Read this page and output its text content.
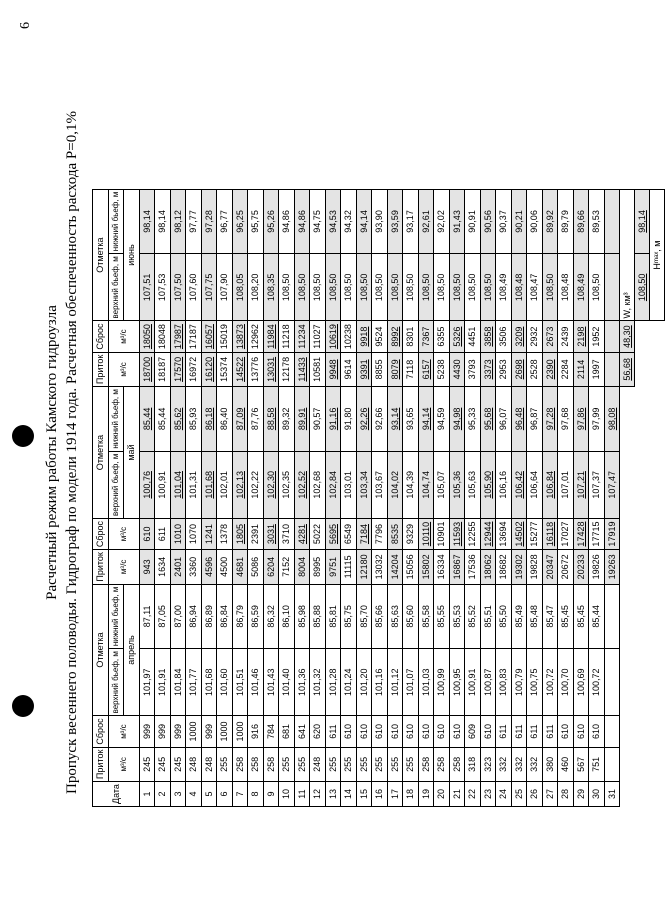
6
Расчетный режим работы Камского гидроузла Пропуск весеннего половодья. Гидрограф по модели 1914 года. Расчетная обеспеченность расхода Р=0,1%
Дата	Приток	Сброс	Отметка		Приток	Сброс	Отметка		Приток	Сброс	Отметка	
	м³/с	м³/с	верхний бьеф, м	нижний бьеф, м	м³/с	м³/с	верхний бьеф, м	нижний бьеф, м	м³/с	м³/с	верхний бьеф, м	нижний бьеф, м
			апрель				май				июнь	
1	245	999	101,97	87,11	943	610	100,76	85,44	18700	18050	107,51	98,14
2	245	999	101,91	87,05	1634	611	100,91	85,44	18187	18048	107,53	98,14
3	245	999	101,84	87,00	2401	1010	101,04	85,62	17570	17987	107,50	98,12
4	248	1000	101,77	86,94	3360	1070	101,31	85,93	16972	17187	107,60	97,77
5	248	999	101,68	86,89	4596	1241	101,68	86,18	16120	16057	107,75	97,28
6	255	1000	101,60	86,84	4500	1378	102,01	86,40	15374	15019	107,90	96,77
7	258	1000	101,51	86,79	4681	1805	102,13	87,09	14522	13873	108,05	96,25
8	258	916	101,46	86,59	5086	2391	102,22	87,76	13776	12962	108,20	95,75
9	258	784	101,43	86,32	6204	3031	102,30	88,58	13031	11984	108,35	95,26
10	255	681	101,40	86,10	7152	3710	102,35	89,32	12178	11218	108,50	94,86
11	255	641	101,36	85,98	8004	4281	102,52	89,91	11433	11234	108,50	94,86
12	248	620	101,32	85,88	8995	5022	102,68	90,57	10581	11027	108,50	94,75
13	255	611	101,28	85,81	9751	5695	102,84	91,16	9948	10619	108,50	94,53
14	255	610	101,24	85,75	11115	6549	103,01	91,80	9614	10238	108,50	94,32
15	255	610	101,20	85,70	12180	7184	103,34	92,26	9391	9918	108,50	94,14
16	255	610	101,16	85,66	13032	7796	103,67	92,66	8855	9524	108,50	93,90
17	255	610	101,12	85,63	14204	8535	104,02	93,14	8079	8992	108,50	93,59
18	255	610	101,07	85,60	15056	9329	104,39	93,65	7118	8301	108,50	93,17
19	258	610	101,03	85,58	15802	10110	104,74	94,14	6157	7367	108,50	92,61
20	258	610	100,99	85,55	16334	10901	105,07	94,59	5238	6355	108,50	92,02
21	258	610	100,95	85,53	16867	11593	105,36	94,98	4430	5326	108,50	91,43
22	318	609	100,91	85,52	17536	12255	105,63	95,33	3793	4451	108,50	90,91
23	323	610	100,87	85,51	18062	12944	105,90	95,68	3373	3858	108,50	90,56
24	332	611	100,83	85,50	18682	13694	106,16	96,07	2953	3506	108,49	90,37
25	332	611	100,79	85,49	19302	14502	106,42	96,48	2698	3209	108,48	90,21
26	332	611	100,75	85,48	19828	15277	106,64	96,87	2528	2932	108,47	90,06
27	380	611	100,72	85,47	20347	16118	106,84	97,28	2390	2673	108,50	89,92
28	460	610	100,70	85,45	20672	17027	107,01	97,68	2284	2439	108,48	89,79
29	567	610	100,69	85,45	20233	17428	107,21	97,86	2114	2198	108,49	89,66
30	751	610	100,72	85,44	19826	17715	107,37	97,99	1997	1952	108,50	89,53
31					19263	17919	107,47	98,08				
									56,68	48,30	W, км³	
											108,50	98,14
											Hᵐᵃˣ, м	
